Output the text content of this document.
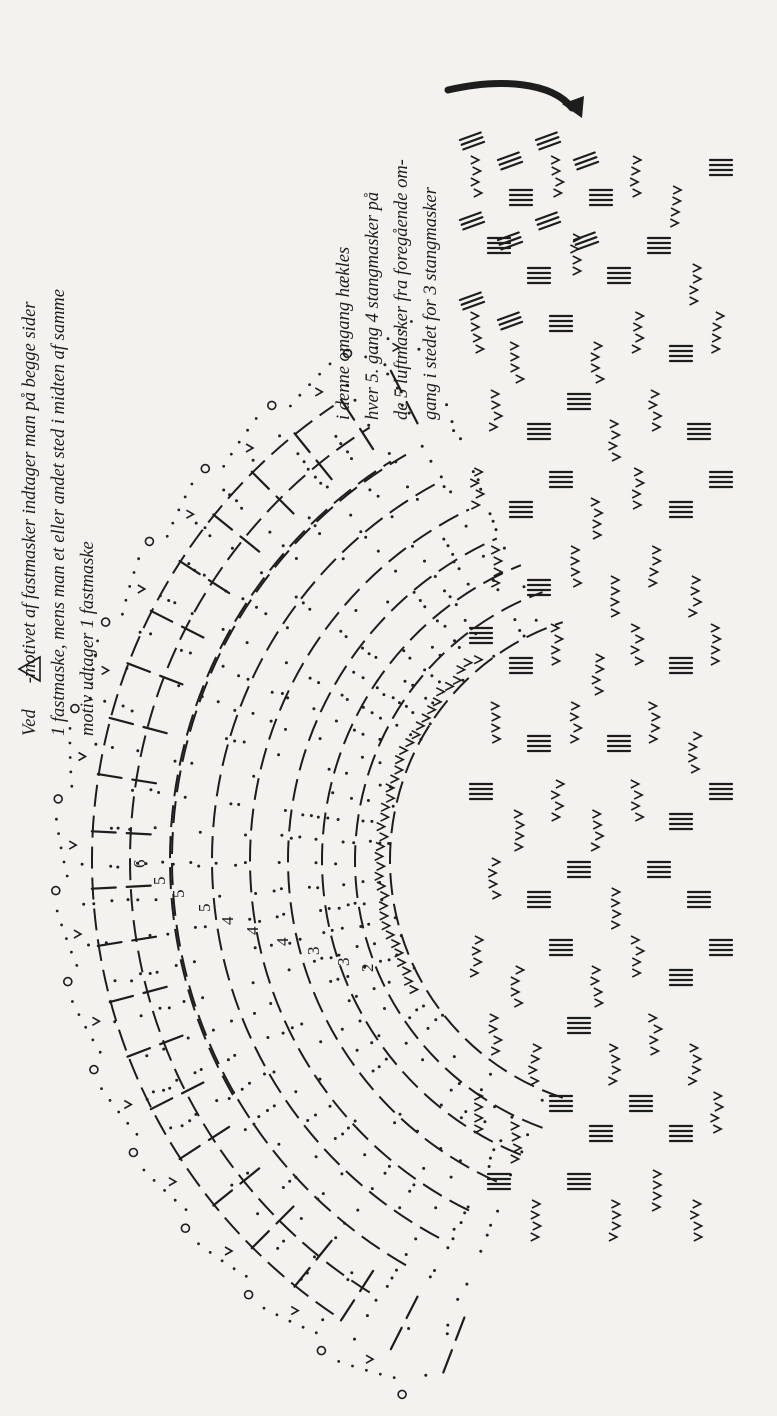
6
5
5
5
4
4
4
3
3
2
Ved-motivet af fastmasker indtager man på begge sider 1 fastmaske, mens man et eller andet sted i midten af samme motiv udtager 1 fastmaske
i denne omgang hækles hver 5. gang 4 stangmasker på de 5 luftmasker fra foregående om- gang i stedet for 3 stangmasker
